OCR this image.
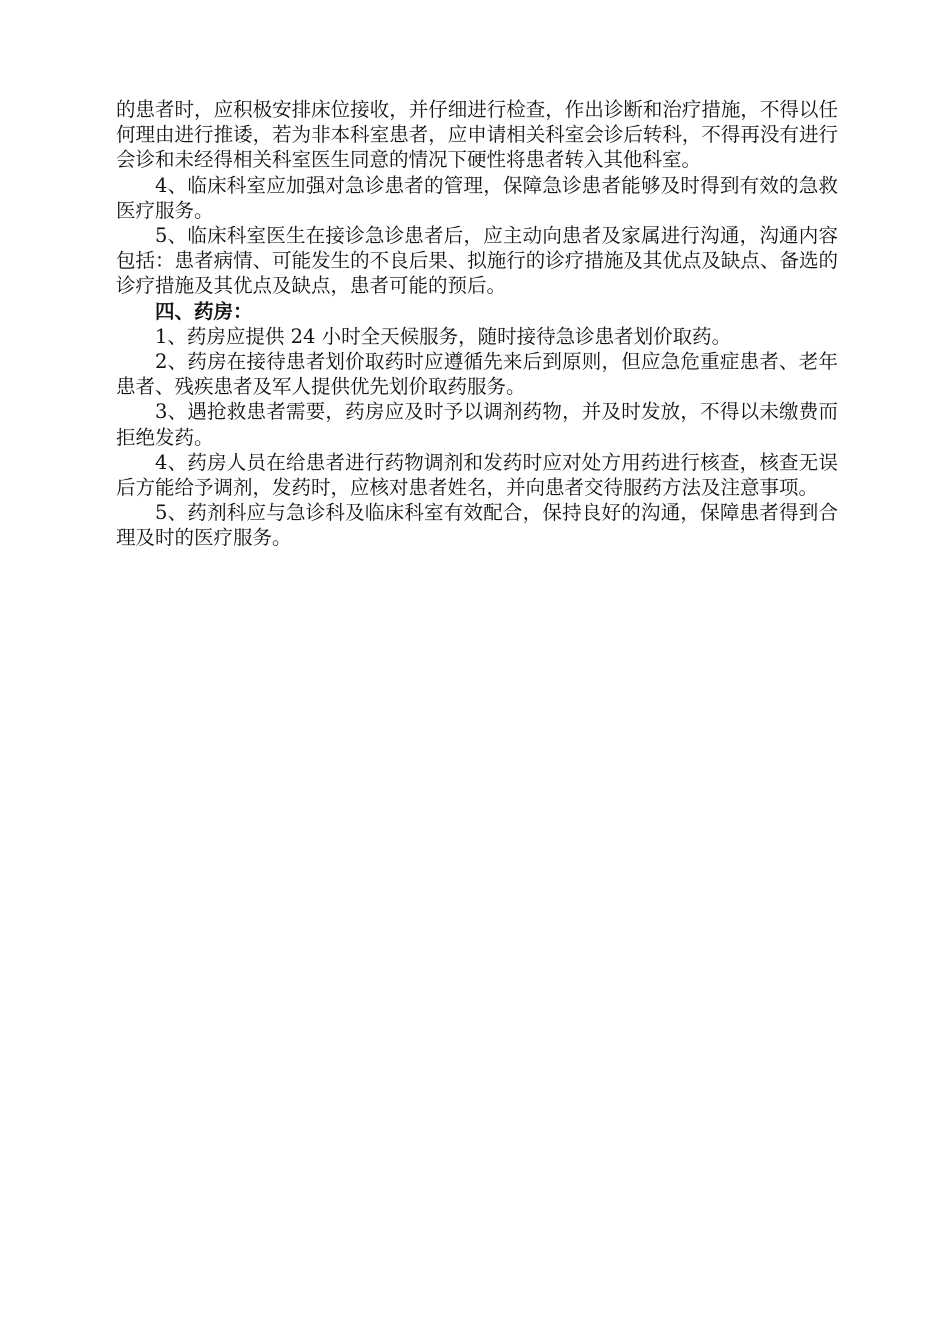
的患者时，应积极安排床位接收，并仔细进行检查，作出诊断和治疗措施，不得以任何理由进行推诿，若为非本科室患者，应申请相关科室会诊后转科，不得再没有进行会诊和未经得相关科室医生同意的情况下硬性将患者转入其他科室。

4、临床科室应加强对急诊患者的管理，保障急诊患者能够及时得到有效的急救医疗服务。

5、临床科室医生在接诊急诊患者后，应主动向患者及家属进行沟通，沟通内容包括：患者病情、可能发生的不良后果、拟施行的诊疗措施及其优点及缺点、备选的诊疗措施及其优点及缺点，患者可能的预后。

四、药房：

1、药房应提供 24 小时全天候服务，随时接待急诊患者划价取药。

2、药房在接待患者划价取药时应遵循先来后到原则，但应急危重症患者、老年患者、残疾患者及军人提供优先划价取药服务。

3、遇抢救患者需要，药房应及时予以调剂药物，并及时发放，不得以未缴费而拒绝发药。

4、药房人员在给患者进行药物调剂和发药时应对处方用药进行核查，核查无误后方能给予调剂，发药时，应核对患者姓名，并向患者交待服药方法及注意事项。

5、药剂科应与急诊科及临床科室有效配合，保持良好的沟通，保障患者得到合理及时的医疗服务。
